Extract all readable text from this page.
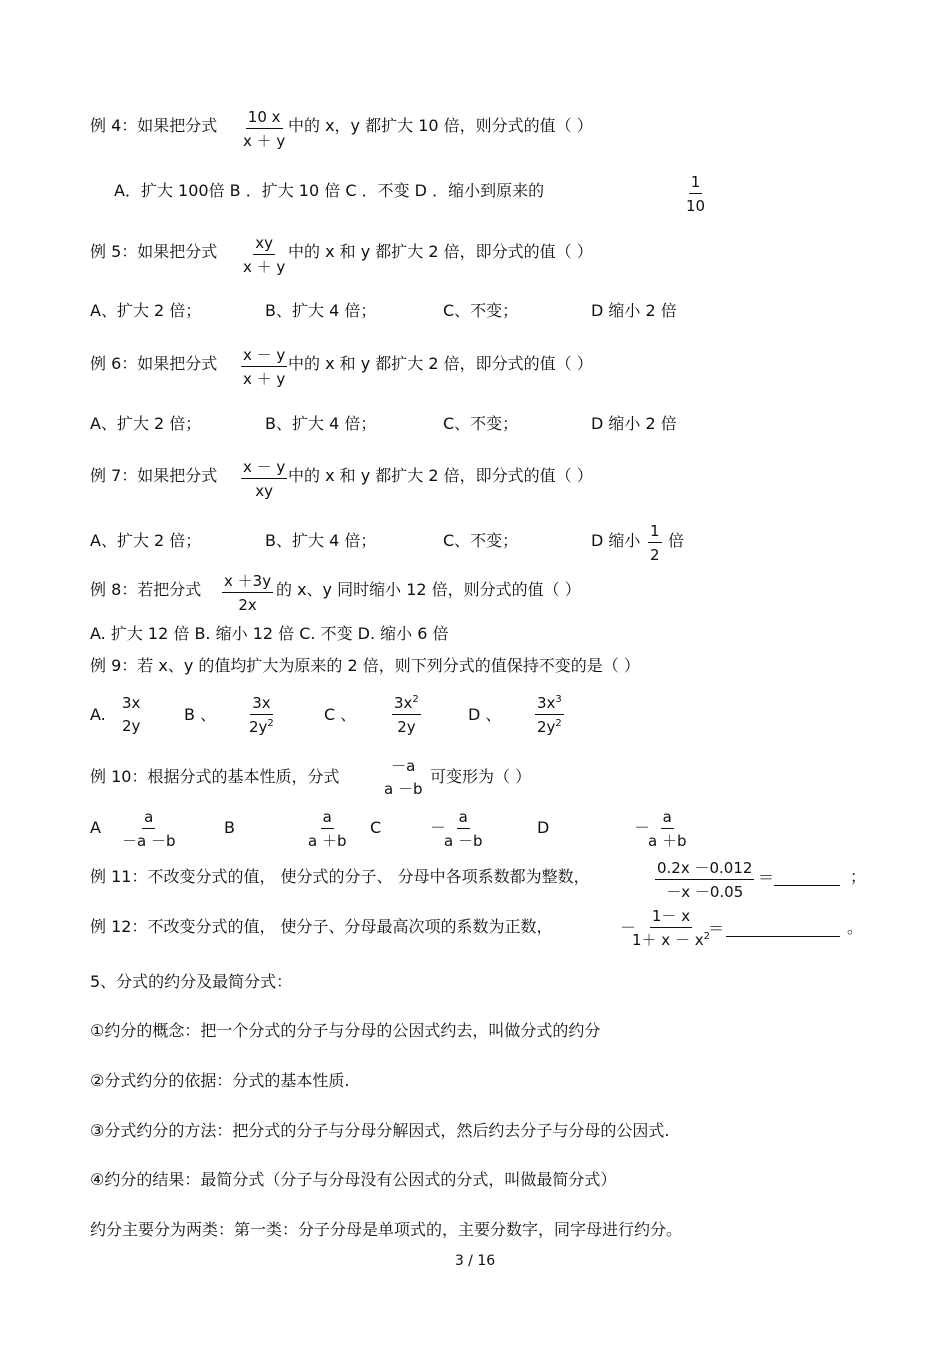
例 4：如果把分式 $\frac{10 x}{x + y}$ 中的 x，y 都扩大 10 倍，则分式的值（ ）
A．扩大 100倍 B ．扩大 10 倍 C ．不变 D ．缩小到原来的	$\frac{1}{10}$
例 5：如果把分式 $\frac{xy}{x + y}$ 中的 x 和 y 都扩大 2 倍，即分式的值（ ）
A、扩大 2 倍；	B、扩大 4 倍；	C、不变；	D 缩小 2 倍
例 6：如果把分式 $\frac{x - y}{x + y}$ 中的 x 和 y 都扩大 2 倍，即分式的值（ ）
A、扩大 2 倍；	B、扩大 4 倍；	C、不变；	D 缩小 2 倍
例 7：如果把分式 $\frac{x - y}{xy}$ 中的 x 和 y 都扩大 2 倍，即分式的值（ ）
A、扩大 2 倍；	B、扩大 4 倍；	C、不变；	D 缩小 $\frac{1}{2}$ 倍
例 8：若把分式 $\frac{x +3y}{2x}$ 的 x、y 同时缩小 12 倍，则分式的值（ ）
A. 扩大 12 倍 B. 缩小 12 倍 C. 不变 D. 缩小 6 倍
例 9：若 x、y 的值均扩大为原来的 2 倍，则下列分式的值保持不变的是（ ）
A.
3x
2y
B 、 $\frac{3x}{2y^2}$	C 、 $\frac{3x^2}{2y}$	D 、 $\frac{3x^3}{2y^2}$
例 10：根据分式的基本性质，分式
－a
a －b
可变形为（ ）
A $\frac{a}{-a -b}$	B	$\frac{a}{a +b}$ C	－
$\frac{a}{a -b}$	D	－
$\frac{a}{a +b}$
例 11：不改变分式的值， 使分式的分子、 分母中各项系数都为整数，	$\frac{0.2x -0.012}{-x -0.05}$ ＝	；
例 12：不改变分式的值， 使分子、分母最高次项的系数为正数，	－
$\frac{1- x}{1+ x - x^2}$
＝	。
5、分式的约分及最简分式：
①约分的概念：把一个分式的分子与分母的公因式约去，叫做分式的约分
②分式约分的依据：分式的基本性质.
③分式约分的方法：把分式的分子与分母分解因式，然后约去分子与分母的公因式.
④约分的结果：最简分式（分子与分母没有公因式的分式，叫做最简分式）
约分主要分为两类：第一类：分子分母是单项式的，主要分数字，同字母进行约分。
3 / 16
